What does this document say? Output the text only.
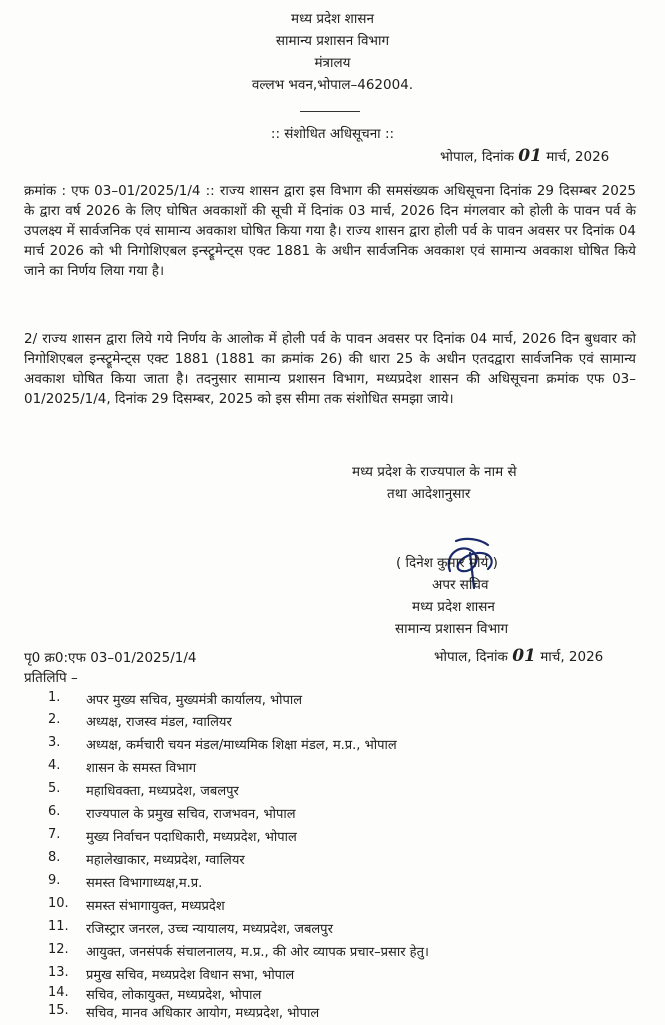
मध्य प्रदेश शासन
सामान्य प्रशासन विभाग
मंत्रालय
वल्लभ भवन,भोपाल–462004.
:: संशोधित अधिसूचना ::
भोपाल, दिनांक 01 मार्च, 2026
क्रमांक : एफ 03–01/2025/1/4 :: राज्य शासन द्वारा इस विभाग की समसंख्यक अधिसूचना दिनांक 29 दिसम्बर 2025 के द्वारा वर्ष 2026 के लिए घोषित अवकाशों की सूची में दिनांक 03 मार्च, 2026 दिन मंगलवार को होली के पावन पर्व के उपलक्ष्य में सार्वजनिक एवं सामान्य अवकाश घोषित किया गया है। राज्य शासन द्वारा होली पर्व के पावन अवसर पर दिनांक 04 मार्च 2026 को भी निगोशिएबल इन्स्ट्रूमेन्ट्स एक्ट 1881 के अधीन सार्वजनिक अवकाश एवं सामान्य अवकाश घोषित किये जाने का निर्णय लिया गया है।
2/ राज्य शासन द्वारा लिये गये निर्णय के आलोक में होली पर्व के पावन अवसर पर दिनांक 04 मार्च, 2026 दिन बुधवार को निगोशिएबल इन्स्ट्रूमेन्ट्स एक्ट 1881 (1881 का क्रमांक 26) की धारा 25 के अधीन एतदद्वारा सार्वजनिक एवं सामान्य अवकाश घोषित किया जाता है। तदनुसार सामान्य प्रशासन विभाग, मध्यप्रदेश शासन की अधिसूचना क्रमांक एफ 03–01/2025/1/4, दिनांक 29 दिसम्बर, 2025 को इस सीमा तक संशोधित समझा जाये।
मध्य प्रदेश के राज्यपाल के नाम से
तथा आदेशानुसार
( दिनेश कुमार मौर्य )
अपर सचिव
मध्य प्रदेश शासन
सामान्य प्रशासन विभाग
पृ0 क्र0:एफ 03–01/2025/1/4	भोपाल, दिनांक 01 मार्च, 2026
प्रतिलिपि –
1.	अपर मुख्य सचिव, मुख्यमंत्री कार्यालय, भोपाल
2.	अध्यक्ष, राजस्व मंडल, ग्वालियर
3.	अध्यक्ष, कर्मचारी चयन मंडल/माध्यमिक शिक्षा मंडल, म.प्र., भोपाल
4.	शासन के समस्त विभाग
5.	महाधिवक्ता, मध्यप्रदेश, जबलपुर
6.	राज्यपाल के प्रमुख सचिव, राजभवन, भोपाल
7.	मुख्य निर्वाचन पदाधिकारी, मध्यप्रदेश, भोपाल
8.	महालेखाकार, मध्यप्रदेश, ग्वालियर
9.	समस्त विभागाध्यक्ष,म.प्र.
10.	समस्त संभागायुक्त, मध्यप्रदेश
11.	रजिस्ट्रार जनरल, उच्च न्यायालय, मध्यप्रदेश, जबलपुर
12.	आयुक्त, जनसंपर्क संचालनालय, म.प्र., की ओर व्यापक प्रचार–प्रसार हेतु।
13.	प्रमुख सचिव, मध्यप्रदेश विधान सभा, भोपाल
14.	सचिव, लोकायुक्त, मध्यप्रदेश, भोपाल
15.	सचिव, मानव अधिकार आयोग, मध्यप्रदेश, भोपाल
